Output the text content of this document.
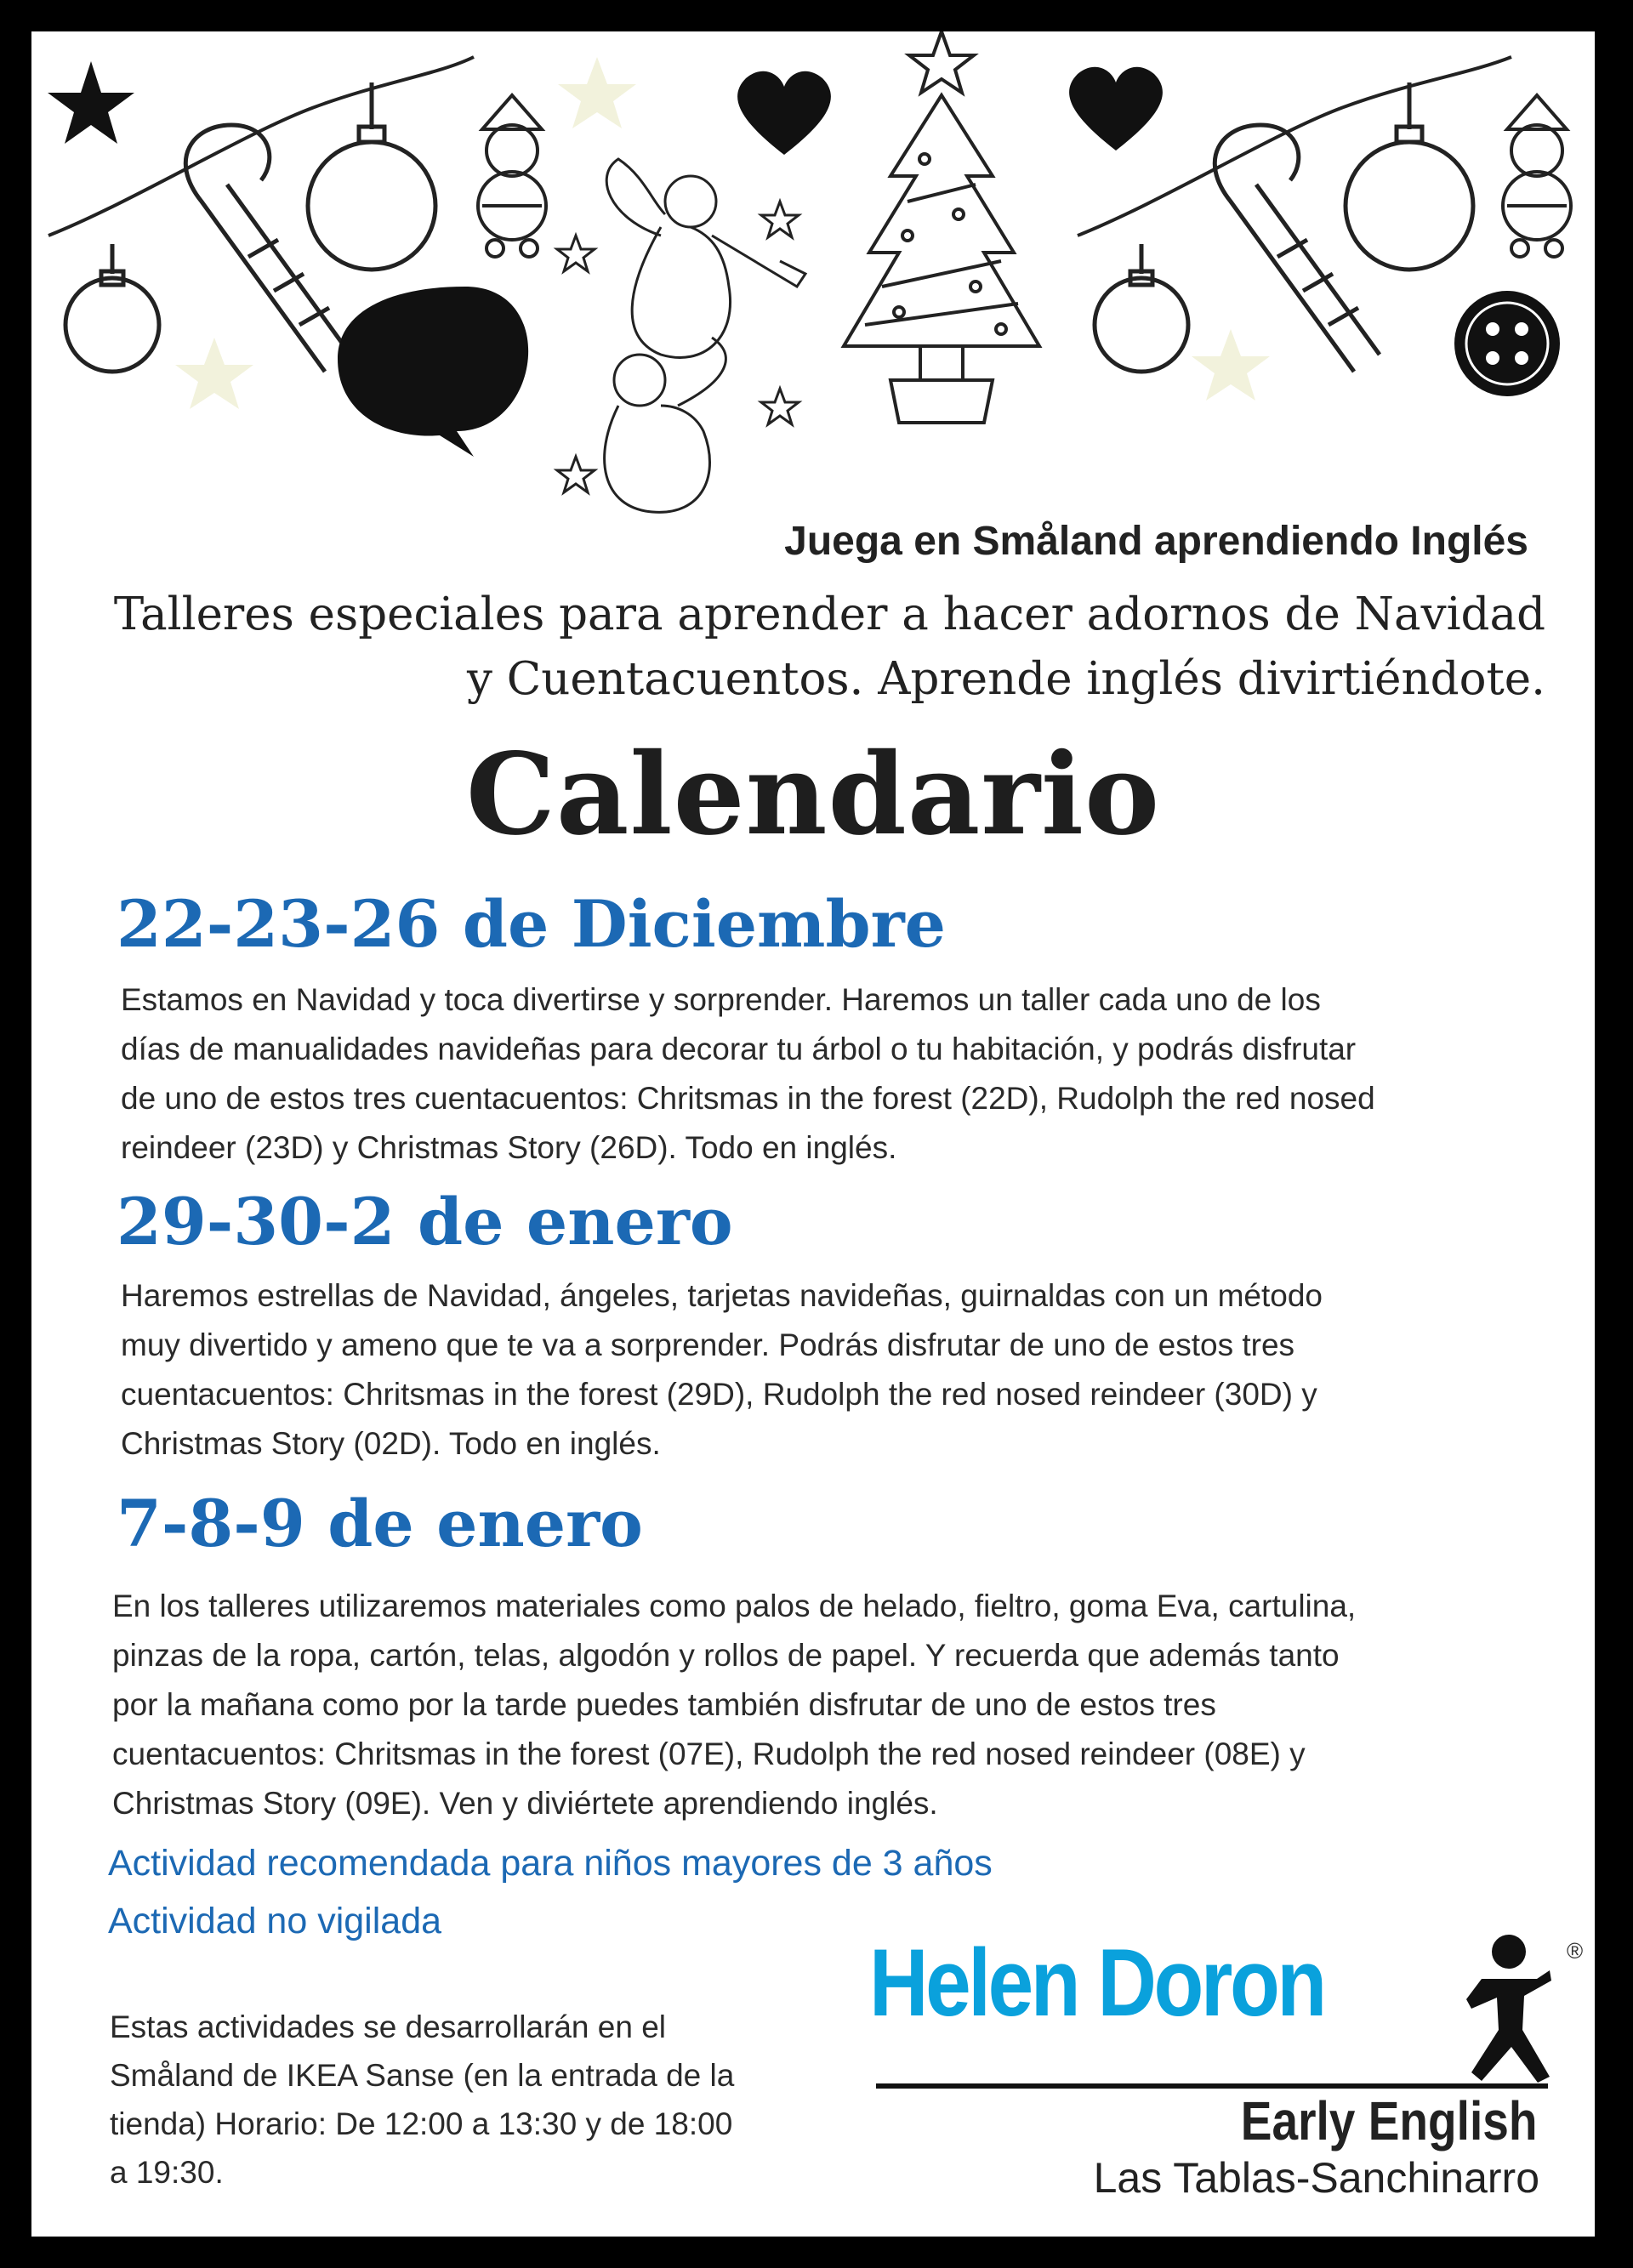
Juega en Småland aprendiendo Inglés

Talleres especiales para aprender a hacer adornos de Navidad
y Cuentacuentos. Aprende inglés divirtiéndote.
Calendario
22-23-26 de Diciembre
Estamos en Navidad y toca divertirse y sorprender. Haremos un taller cada uno de los
días de manualidades navideñas para decorar tu árbol o tu habitación, y podrás disfrutar
de uno de estos tres cuentacuentos: Chritsmas in the forest (22D), Rudolph the red nosed
reindeer (23D) y Christmas Story (26D). Todo en inglés.
29-30-2 de enero
Haremos estrellas de Navidad, ángeles, tarjetas navideñas, guirnaldas con un método
muy divertido y ameno que te va a sorprender. Podrás disfrutar de uno de estos tres
cuentacuentos: Chritsmas in the forest (29D), Rudolph the red nosed reindeer (30D) y
Christmas Story (02D). Todo en inglés.
7-8-9 de enero
En los talleres utilizaremos materiales como palos de helado, fieltro, goma Eva, cartulina,
pinzas de la ropa, cartón, telas, algodón y rollos de papel. Y recuerda que además tanto
por la mañana como por la tarde puedes también disfrutar de uno de estos tres
cuentacuentos: Chritsmas in the forest (07E), Rudolph the red nosed reindeer (08E) y
Christmas Story (09E). Ven y diviértete aprendiendo inglés.

Actividad recomendada para niños mayores de 3 años

Actividad no vigilada

Estas actividades se desarrollarán en el
Småland de IKEA Sanse (en la entrada de la
tienda) Horario: De 12:00 a 13:30 y de 18:00
a 19:30.
Helen Doron	®
Early English
Las Tablas-Sanchinarro
